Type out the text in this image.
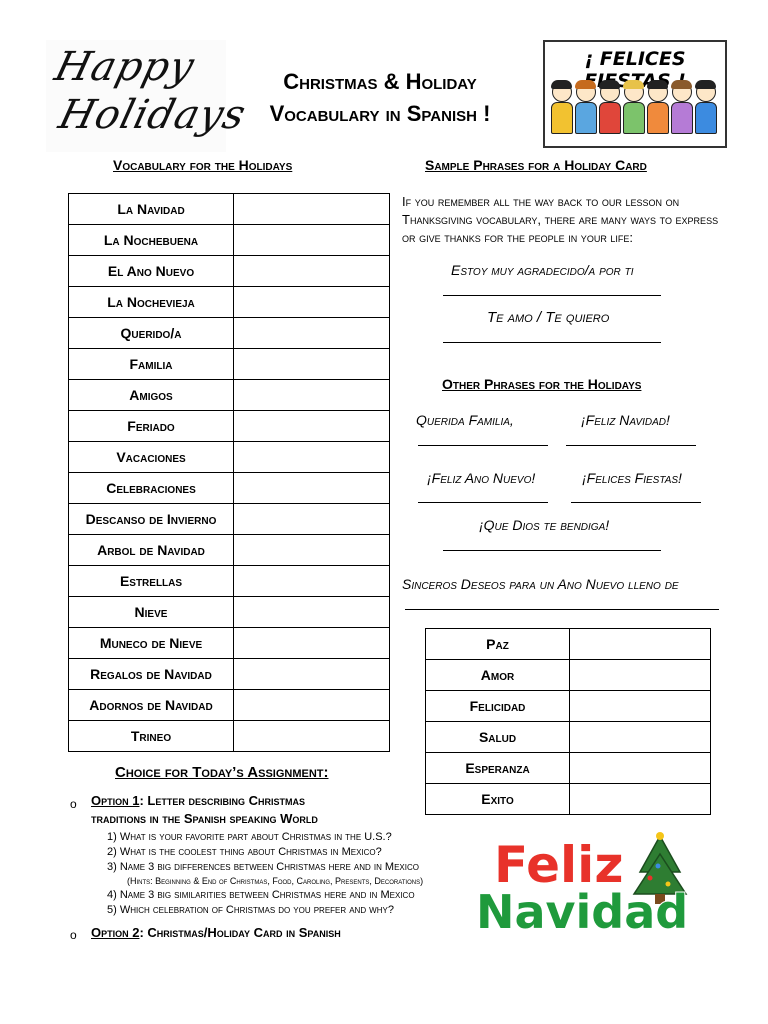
Happy
Holidays
Christmas & Holiday
Vocabulary in Spanish !
¡ FELICES
Vocabulary for the Holidays
La Navidad	
La Nochebuena	
El Ano Nuevo	
La Nochevieja	
Querido/a	
Familia	
Amigos	
Feriado	
Vacaciones	
Celebraciones	
Descanso de Invierno	
Arbol de Navidad	
Estrellas	
Nieve	
Muneco de Nieve	
Regalos de Navidad	
Adornos de Navidad	
Trineo	
Sample Phrases for a Holiday Card
If you remember all the way back to our lesson on Thanksgiving vocabulary, there are many ways to express or give thanks for the people in your life:
Estoy muy agradecido/a por ti
Te amo / Te quiero
Other Phrases for the Holidays
Querida Familia,	¡Feliz Navidad!
¡Feliz Ano Nuevo!	¡Felices Fiestas!
¡Que Dios te bendiga!
Sinceros Deseos para un Ano Nuevo lleno de
Paz	
Amor	
Felicidad	
Salud	
Esperanza	
Exito	
Choice for Today’s Assignment:
o Option 1: Letter describing Christmas
traditions in the Spanish speaking World
1) What is your favorite part about Christmas in the U.S.?
2) What is the coolest thing about Christmas in Mexico?
3) Name 3 big differences between Christmas here and in Mexico
(Hints: Beginning & End of Christmas, Food, Caroling, Presents, Decorations)
4) Name 3 big similarities between Christmas here and in Mexico
5) Which celebration of Christmas do you prefer and why?
o Option 2: Christmas/Holiday Card in Spanish
Feliz
Navidad
